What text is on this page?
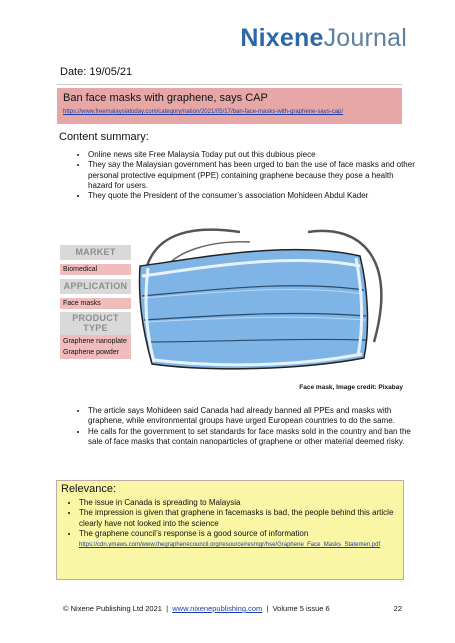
NixeneJournal
Date: 19/05/21
Ban face masks with graphene, says CAP
https://www.freemalaysiatoday.com/category/nation/2021/05/17/ban-face-masks-with-graphene-says-cap/
Content summary:
• Online news site Free Malaysia Today put out this dubious piece
• They say the Malaysian government has been urged to ban the use of face masks and other personal protective equipment (PPE) containing graphene because they pose a health hazard for users.
• They quote the President of the consumer’s association Mohideen Abdul Kader
MARKET
Biomedical
APPLICATION
Face masks
PRODUCT TYPE
Graphene nanoplate
Graphene powder
Face mask, Image credit: Pixabay
• The article says Mohideen said Canada had already banned all PPEs and masks with graphene, while environmental groups have urged European countries to do the same.
• He calls for the government to set standards for face masks sold in the country and ban the sale of face masks that contain nanoparticles of graphene or other material deemed risky.
Relevance:
• The issue in Canada is spreading to Malaysia
• The impression is given that graphene in facemasks is bad, the people behind this article clearly have not looked into the science
• The graphene council’s response is a good source of information
https://cdn.ymaws.com/www.thegraphenecouncil.org/resource/resmgr/hse/Graphene_Face_Masks_Statemen.pdf
© Nixene Publishing Ltd 2021 | www.nixenepublishing.com | Volume 5 issue 6	22
